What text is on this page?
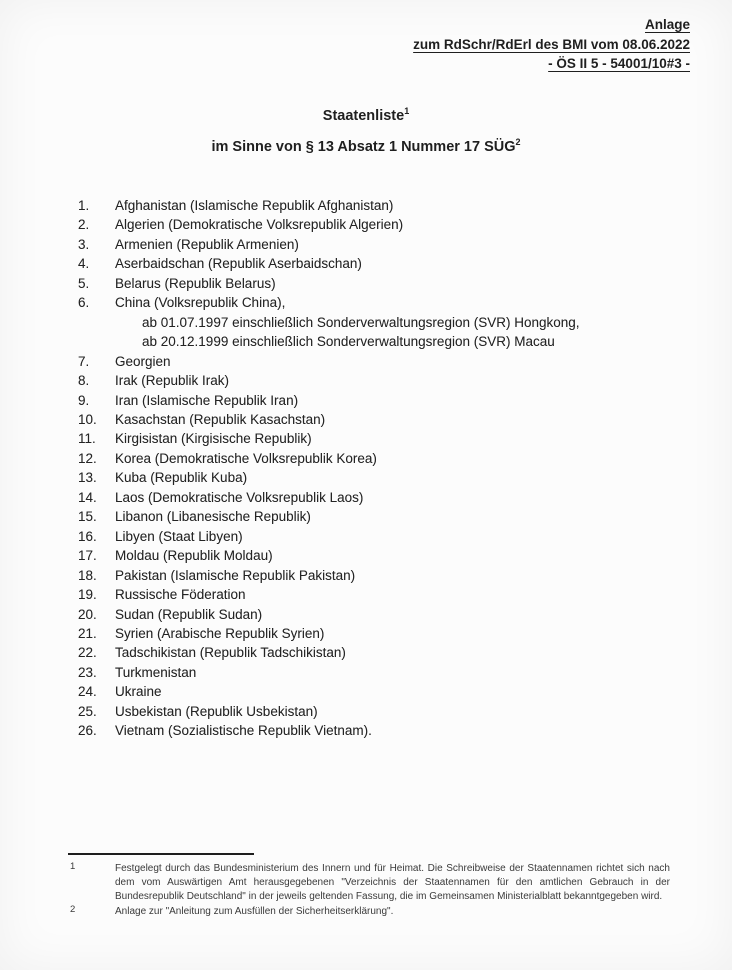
Anlage
zum RdSchr/RdErl des BMI vom 08.06.2022
- ÖS II 5 - 54001/10#3 -
Staatenliste$^1$
im Sinne von § 13 Absatz 1 Nummer 17 SÜG$^2$
1.	Afghanistan (Islamische Republik Afghanistan)
2.	Algerien (Demokratische Volksrepublik Algerien)
3.	Armenien (Republik Armenien)
4.	Aserbaidschan (Republik Aserbaidschan)
5.	Belarus (Republik Belarus)
6.	China (Volksrepublik China),
ab 01.07.1997 einschließlich Sonderverwaltungsregion (SVR) Hongkong,
ab 20.12.1999 einschließlich Sonderverwaltungsregion (SVR) Macau
7.	Georgien
8.	Irak (Republik Irak)
9.	Iran (Islamische Republik Iran)
10.	Kasachstan (Republik Kasachstan)
11.	Kirgisistan (Kirgisische Republik)
12.	Korea (Demokratische Volksrepublik Korea)
13.	Kuba (Republik Kuba)
14.	Laos (Demokratische Volksrepublik Laos)
15.	Libanon (Libanesische Republik)
16.	Libyen (Staat Libyen)
17.	Moldau (Republik Moldau)
18.	Pakistan (Islamische Republik Pakistan)
19.	Russische Föderation
20.	Sudan (Republik Sudan)
21.	Syrien (Arabische Republik Syrien)
22.	Tadschikistan (Republik Tadschikistan)
23.	Turkmenistan
24.	Ukraine
25.	Usbekistan (Republik Usbekistan)
26.	Vietnam (Sozialistische Republik Vietnam).
1	Festgelegt durch das Bundesministerium des Innern und für Heimat. Die Schreibweise der Staatennamen richtet sich nach dem vom Auswärtigen Amt herausgegebenen "Verzeichnis der Staatennamen für den amtlichen Gebrauch in der Bundesrepublik Deutschland" in der jeweils geltenden Fassung, die im Gemeinsamen Ministerialblatt bekanntgegeben wird.
2	Anlage zur "Anleitung zum Ausfüllen der Sicherheitserklärung".
